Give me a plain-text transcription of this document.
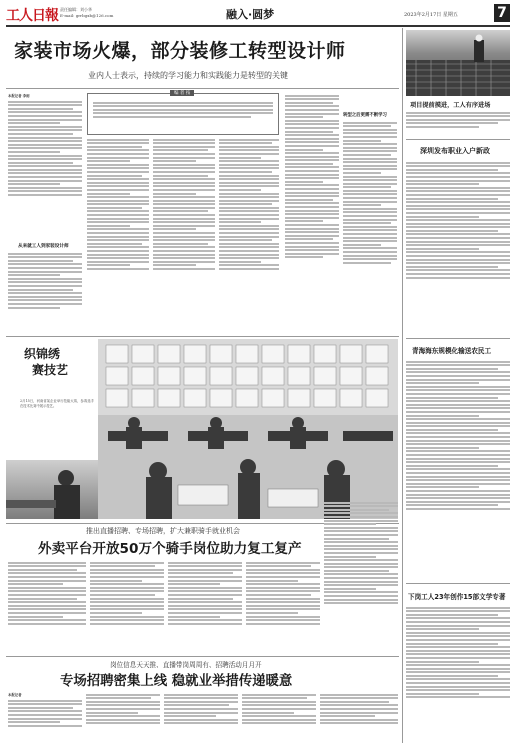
工人日報 责任编辑：刘小华
E-mail: grrbgxb@126.com	融入·圆梦	2023年2月17日 星期五	7
家装市场火爆，部分装修工转型设计师
业内人士表示，持续的学习能力和实践能力是转型的关键
本报记者 李雨
从来就工人到家装设计师
编 者 按
转型之后更需不断学习
项目提前摸进，工人有序进场
深圳发布职业入户新政
青海海东规模化输送农民工
下岗工人23年创作15部文学专著
织锦绣
赛技艺
2月15日，河南省某企业举行技能大赛，参赛选手在技术比赛中展示技艺。
推出直播招聘、专场招聘，扩大兼职骑手就业机会
外卖平台开放50万个骑手岗位助力复工复产
岗位信息天天推、直播带岗周周有、招聘活动月月开
专场招聘密集上线 稳就业举措传递暖意
本报记者
